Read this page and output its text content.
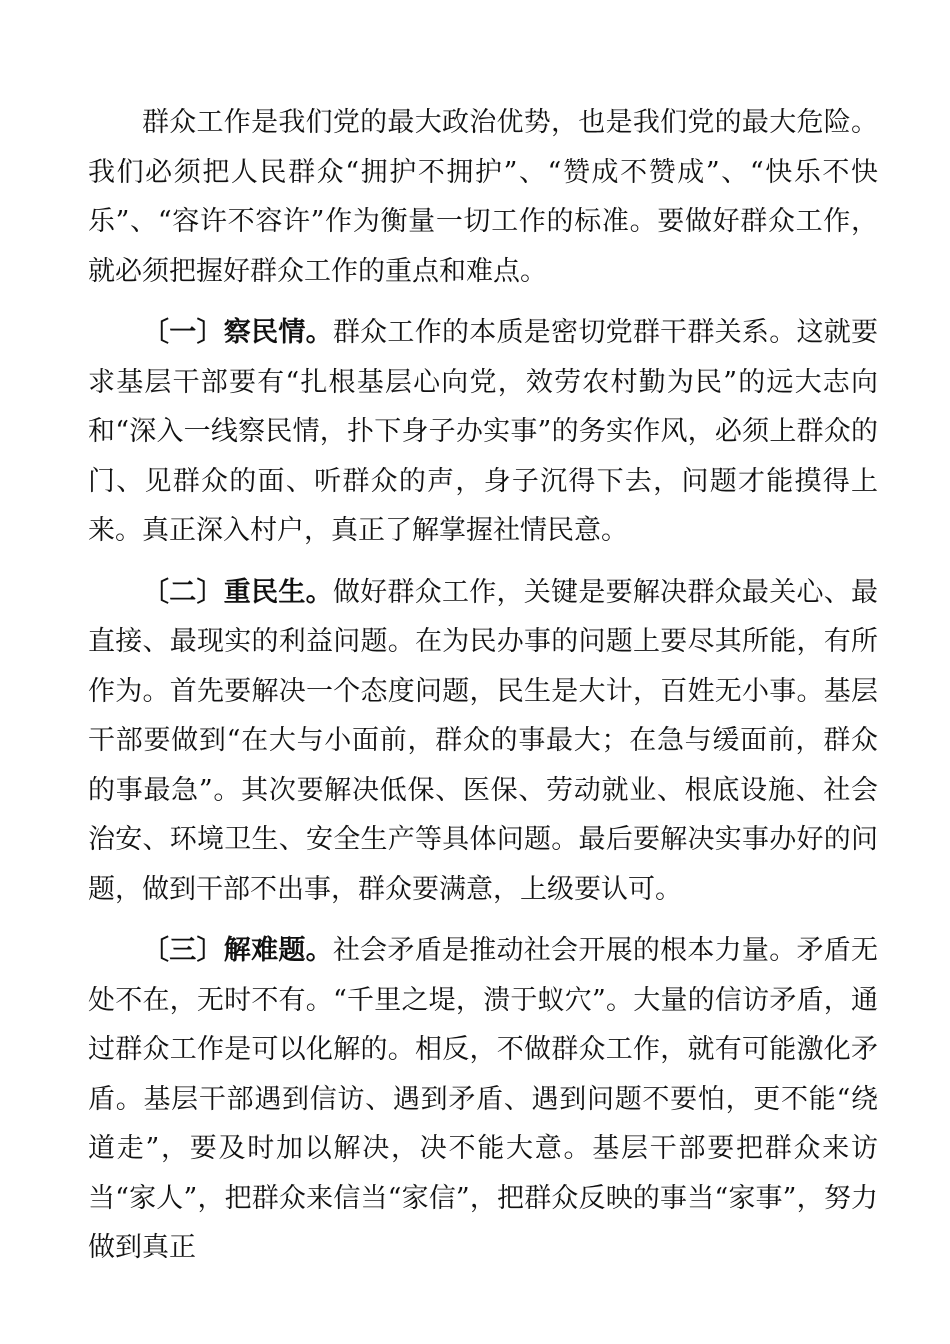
群众工作是我们党的最大政治优势，也是我们党的最大危险。我们必须把人民群众“拥护不拥护”、“赞成不赞成”、“快乐不快乐”、“容许不容许”作为衡量一切工作的标准。要做好群众工作，就必须把握好群众工作的重点和难点。

〔一〕察民情。群众工作的本质是密切党群干群关系。这就要求基层干部要有“扎根基层心向党，效劳农村勤为民”的远大志向和“深入一线察民情，扑下身子办实事”的务实作风，必须上群众的门、见群众的面、听群众的声，身子沉得下去，问题才能摸得上来。真正深入村户，真正了解掌握社情民意。

〔二〕重民生。做好群众工作，关键是要解决群众最关心、最直接、最现实的利益问题。在为民办事的问题上要尽其所能，有所作为。首先要解决一个态度问题，民生是大计，百姓无小事。基层干部要做到“在大与小面前，群众的事最大；在急与缓面前，群众的事最急”。其次要解决低保、医保、劳动就业、根底设施、社会治安、环境卫生、安全生产等具体问题。最后要解决实事办好的问题，做到干部不出事，群众要满意，上级要认可。

〔三〕解难题。社会矛盾是推动社会开展的根本力量。矛盾无处不在，无时不有。“千里之堤，溃于蚁穴”。大量的信访矛盾，通过群众工作是可以化解的。相反，不做群众工作，就有可能激化矛盾。基层干部遇到信访、遇到矛盾、遇到问题不要怕，更不能“绕道走”，要及时加以解决，决不能大意。基层干部要把群众来访当“家人”，把群众来信当“家信”，把群众反映的事当“家事”，努力做到真正
